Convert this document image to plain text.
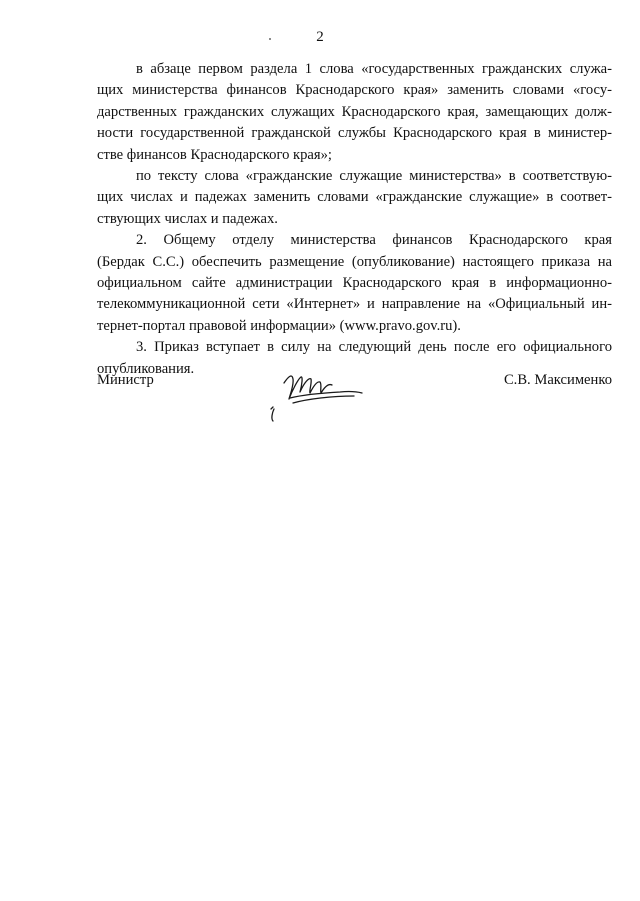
2

в абзаце первом раздела 1 слова «государственных гражданских служа-
щих министерства финансов Краснодарского края» заменить словами «госу-
дарственных гражданских служащих Краснодарского края, замещающих долж-
ности государственной гражданской службы Краснодарского края в министер-
стве финансов Краснодарского края»;

по тексту слова «гражданские служащие министерства» в соответствую-
щих числах и падежах заменить словами «гражданские служащие» в соответ-
ствующих числах и падежах.

2. Общему отделу министерства финансов Краснодарского края
(Бердак С.С.) обеспечить размещение (опубликование) настоящего приказа на
официальном сайте администрации Краснодарского края в информационно-
телекоммуникационной сети «Интернет» и направление на «Официальный ин-
тернет-портал правовой информации» (www.pravo.gov.ru).

3. Приказ вступает в силу на следующий день после его официального
опубликования.

Министр	С.В. Максименко
